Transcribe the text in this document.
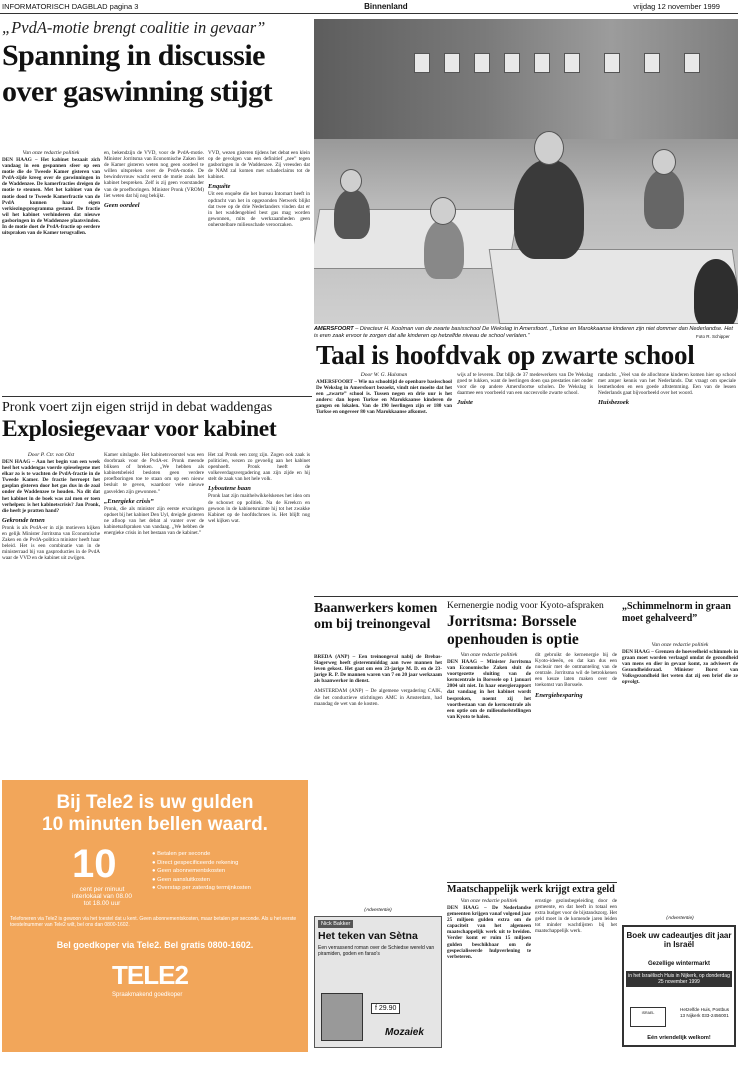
INFORMATORISCH DAGBLAD pagina 3	Binnenland	vrijdag 12 november 1999
„PvdA-motie brengt coalitie in gevaar”
Spanning in discussie
over gaswinning stijgt
Van onze redactie politiek
DEN HAAG – Het kabinet bezaait zich vandaag in een gespannen sfeer op een motie die de Tweede Kamer gisteren van PvdA-zijde kreeg over de gaswinningen in de Waddenzee. De kamerfracties dreigen de motie te steunen. Met het kabinet van de motie dood te Tweede Kamerfractie van de PvdA kunnen haar eigen verkiezingsprogramma gestand. De fractie wil het kabinet verhinderen dat nieuwe gasboringen in de Waddenzee plaatsvinden. In de motie doet de PvdA-fractie op eerdere uitspraken van de Kamer terugvallen.
en, bekendzijn de VVD, voor de PvdA-motie. Minister Jorritsma van Economische Zaken liet de Kamer gisteren weten nog geen oordeel te willen uitspreken over de PvdA-motie. De bewindsvrouw wacht eerst de motie zoals het kabinet bespreken. Zelf is zij geen voorstander van de proefboringen. Minister Pronk (VROM) liet weten dat hij nog bekijkt.
Geen oordeel
VVD, wezen gisteren tijdens het debat een klein op de gevolgen van een definitief „nee” tegen gasboringen in de Waddenzee. Zij vreesden dat de NAM zal komen met schadeclaims tot de kabinet.
Enquête
Uit een enquête die het bureau Intomart heeft in opdracht van het in opgezonden Netwerk blijkt dat twee op de drie Nederlanders vinden dat er in het waddengebied best gas mag worden gewonnen, mits de werkzaamheden geen onherstelbare milieuschade veroorzaken.
AMERSFOORT – Directeur H. Koolman van de zwarte basisschool De Wekslag in Amersfoort. „Turkse en Marokkaanse kinderen zijn niet dommer dan Nederlandse. Het is eren zaak ervoor te zorgen dat alle kinderen op hetzelfde niveau de school verlaten.”	Foto R. Schipper
Taal is hoofdvak op zwarte school
Door W. G. Hulsman
AMERSFOORT – Wie na schooltijd de openbare basisschool De Wekslag in Amersfoort bezoekt, vindt niet moeite dat het een „zwarte” school is. Tussen negen en drie uur is het anders: dan lopen Turkse en Marokkaanse kinderen de gangen en lokalen. Van de 190 leerlingen zijn er 180 van Turkse en ongeveer 80 van Marokkaanse afkomst.
wijs af te leveren. Dat blijk de 37 medewerkers van De Wekslag goed te lukken, want de leerlingen doen qua prestaties niet onder voor die op andere Amersfoortse scholen. De Wekslag is daarmee een voorbeeld van een succesvolle zwarte school.
Juiste
randacht. „Veel van de allochtone kinderen komen hier op school met amper kennis van het Nederlands. Dat vraagt om speciale lesmethoden en een goede aftstemming. Een van de lessen Nederlands gaat bijvoorbeeld over het woord.
Huisbezoek
Pronk voert zijn eigen strijd in debat waddengas
Explosiegevaar voor kabinet
Door P. Ctr. van Olst
DEN HAAG – Aan het begin van een week heel het waddengas voerde spieselegene met elkar zo is te wachten de PvdA-fractie in de Tweede Kamer. De fractie herroept het gasplan gisteren door het gas dus in de zoal onder de Waddenzee te houden. Na dit dat het kabinet in de boek was zal men er toen verhelpen: is het kabinetscrisis? Jan Pronk, die heeft je pratten hand?
Gekronde tenen
Pronk is als PvdA-er in zijn motieven kijken en gelijk Minister Jorritsma van Economische Zaken en de PvdA-politica minister heeft haar beleid. Het is een combinatie van in de ministerraad bij van gasproducties in de PvdA waar de VVD en de kabinet uit zwijgen.
Kamer uitslagde. Het kabinetsvoorstel was een doorbraak voor de PvdA-er. Pronk meende bliksen of breken. „We hebben als kabinetsbeleid besloten geen verdere proefboringen toe te staan om op een nieuw besluit te geven, waardoor vele nieuwe gasvelden zijn gewonnen.”
„Energieke crisis”
Pronk, die als minister zijn eerste ervaringen opdoet bij het kabinet Den Uyl, dreigde gisteren ne afloop van het debat al vanter over de kabinetsafspraken van vandaag. „We hebben de energieke crisis in het bestaan van de kabinet.”
Het zal Pronk een zorg zijn. Zogen ook zaak is politicien, wezen zo gevoelig aan het kabinet openhoeft. Pronk heeft de volkeverdagsvergadering aan zijn zijde en hij stelt de zaak van het hele volk.
Lyboutene baan
Pronk laat zijn maithelwikkelskenes het idea om de schouwt op politiek. Na de Kreekcn en gewoon in de kabinetsruimte hij tot het zwakke Kabinet op de hoofdschroes is. Het blijft nog wel kijken wat.
Bij Tele2 is uw gulden
10 minuten bellen waard.
10
cent per minuut interlokaal van 08.00 tot 18.00 uur
● Betalen per seconde
● Direct gespecificeerde rekening
● Geen abonnementskosten
● Geen aansluitkosten
● Overstap per zaterdag termijnkosten
Telefoneren via Tele2 is gewoon via het toestel dat u kent. Geen abonnementskosten, maar betalen per seconde. Als u het eerste toestelnummer van Tele2 wilt, bel ons dan 0800-1602.
Bel goedkoper via Tele2. Bel gratis 0800-1602.
TELE2
Spraakmakend goedkoper
Baanwerkers komen om bij treinongeval
BREDA (ANP) – Een treinongeval nabij de Brebas-Slagerweg heeft gisterenmiddag aan twee mannen het leven gekost. Het gaat om een 23-jarige M. D. en de 23-jarige R. P. De mannen waren van 7 en 20 jaar werkzaam als baanwerker in dienst.
AMSTERDAM (ANP) – De algemene vergadering CAIK, die het conductieve stichtingen AMC in Amsterdam, had maandag de wet van de kosten.
Kernenergie nodig voor Kyoto-afspraken
Jorritsma: Borssele openhouden is optie
Van onze redactie politiek
DEN HAAG – Minister Jorritsma van Economische Zaken sluit de voortgezette sluiting van de kerncentrale in Borssele op 1 januari 2004 uit niet. In haar energierapport dat vandaag in het kabinet wordt besproken, noemt zij het voortbestaan van de kerncentrale als een optie om de milieudoelstellingen van Kyoto te halen.
dit gebruikt de kernenergie bij de Kyoto-ideeën, en dat kan dus een nucleair met de ontmanteling van de centrale. Jorritsma wil de betrokkenen een keuze laten maken over de toekomst van Borssele.
Energiebesparing
„Schimmelnorm in graan moet gehalveerd”
Van onze redactie politiek
DEN HAAG – Grenzen de hoeveelheid schimmels in graan moet worden verlaagd omdat de gezondheid van mens en dier in gevaar komt, zo adviseert de Gezondheidsraad. Minister Borst van Volksgezondheid liet weten dat zij een brief die ze opvolgt.
Maatschappelijk werk krijgt extra geld
Van onze redactie politiek
DEN HAAG – De Nederlandse gemeenten krijgen vanaf volgend jaar 25 miljoen gulden extra om de capaciteit van het algemeen maatschappelijk werk uit te breiden. Verder komt er ruim 15 miljoen gulden beschikbaar om de gespecialiseerde hulpverlening te verbeteren.
ernstige gezinsbegeleiding door de gemeente, en dat heeft in totaal een extra budget voor de bijstandszorg. Het geld moet in de komende jaren leiden tot minder wachtlijsten bij het maatschappelijk werk.
(Advertentie)
Nick Bakker
Het teken van Sètna
Een verrassend roman over de Schiedse wereld van piramiden, goden en farao's
f 29.90
Mozaiek
(Advertentie)
Boek uw cadeautjes dit jaar in Israël
Gezellige wintermarkt
in het Israëlisch Huis in Nijkerk, op donderdag 25 november 1999
ISRAEL
Hetzelfde Huis, Postbus 13 Nijkerk 033-2456001
Eén vriendelijk welkom!
